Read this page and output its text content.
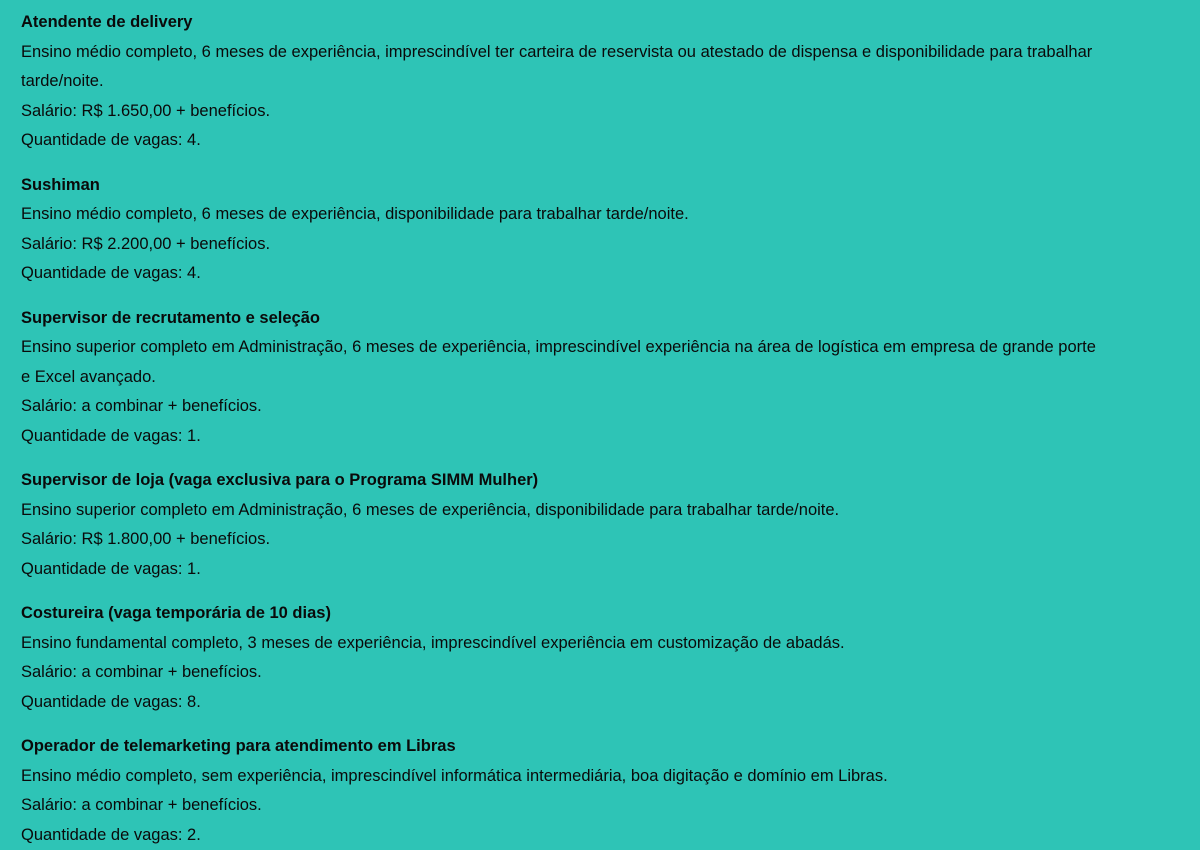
Atendente de delivery

Ensino médio completo, 6 meses de experiência, imprescindível ter carteira de reservista ou atestado de dispensa e disponibilidade para trabalhar tarde/noite.

Salário: R$ 1.650,00 + benefícios.

Quantidade de vagas: 4.

Sushiman

Ensino médio completo, 6 meses de experiência, disponibilidade para trabalhar tarde/noite.

Salário: R$ 2.200,00 + benefícios.

Quantidade de vagas: 4.

Supervisor de recrutamento e seleção

Ensino superior completo em Administração, 6 meses de experiência, imprescindível experiência na área de logística em empresa de grande porte e Excel avançado.

Salário: a combinar + benefícios.

Quantidade de vagas: 1.

Supervisor de loja (vaga exclusiva para o Programa SIMM Mulher)

Ensino superior completo em Administração, 6 meses de experiência, disponibilidade para trabalhar tarde/noite.

Salário: R$ 1.800,00 + benefícios.

Quantidade de vagas: 1.

Costureira (vaga temporária de 10 dias)

Ensino fundamental completo, 3 meses de experiência, imprescindível experiência em customização de abadás.

Salário: a combinar + benefícios.

Quantidade de vagas: 8.

Operador de telemarketing para atendimento em Libras

Ensino médio completo, sem experiência, imprescindível informática intermediária, boa digitação e domínio em Libras.

Salário: a combinar + benefícios.

Quantidade de vagas: 2.
